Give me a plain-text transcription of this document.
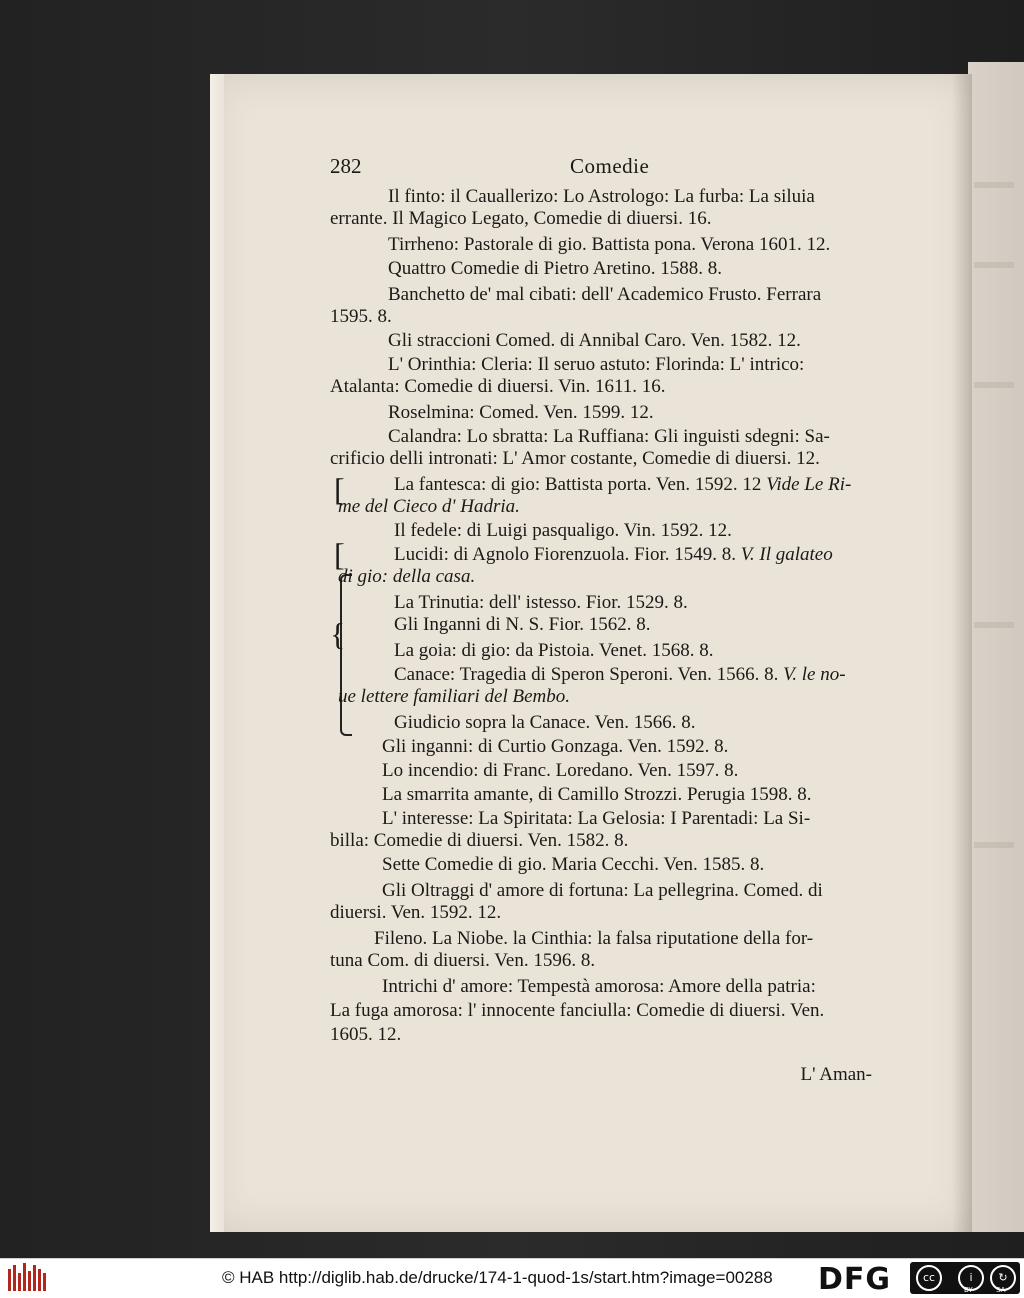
282	Comedie
[
[
{
Il finto: il Cauallerizo: Lo Astrologo: La furba: La siluia
errante. Il Magico Legato, Comedie di diuersi. 16.
Tirrheno: Pastorale di gio. Battista pona. Verona 1601. 12.
Quattro Comedie di Pietro Aretino. 1588. 8.
Banchetto de' mal cibati: dell' Academico Frusto. Ferrara
1595. 8.
Gli straccioni Comed. di Annibal Caro. Ven. 1582. 12.
L' Orinthia: Cleria: Il seruo astuto: Florinda: L' intrico:
Atalanta: Comedie di diuersi. Vin. 1611. 16.
Roselmina: Comed. Ven. 1599. 12.
Calandra: Lo sbratta: La Ruffiana: Gli inguisti sdegni: Sa-
crificio delli intronati: L' Amor costante, Comedie di diuersi. 12.
La fantesca: di gio: Battista porta. Ven. 1592. 12 Vide Le Ri-
me del Cieco d' Hadria.
Il fedele: di Luigi pasqualigo. Vin. 1592. 12.
Lucidi: di Agnolo Fiorenzuola. Fior. 1549. 8. V. Il galateo
di gio: della casa.
La Trinutia: dell' istesso. Fior. 1529. 8.
Gli Inganni di N. S. Fior. 1562. 8.
La goia: di gio: da Pistoia. Venet. 1568. 8.
Canace: Tragedia di Speron Speroni. Ven. 1566. 8. V. le no-
ue lettere familiari del Bembo.
Giudicio sopra la Canace. Ven. 1566. 8.
Gli inganni: di Curtio Gonzaga. Ven. 1592. 8.
Lo incendio: di Franc. Loredano. Ven. 1597. 8.
La smarrita amante, di Camillo Strozzi. Perugia 1598. 8.
L' interesse: La Spiritata: La Gelosia: I Parentadi: La Si-
billa: Comedie di diuersi. Ven. 1582. 8.
Sette Comedie di gio. Maria Cecchi. Ven. 1585. 8.
Gli Oltraggi d' amore di fortuna: La pellegrina. Comed. di
diuersi. Ven. 1592. 12.
Fileno. La Niobe. la Cinthia: la falsa riputatione della for-
tuna Com. di diuersi. Ven. 1596. 8.
Intrichi d' amore: Tempestà amorosa: Amore della patria:
La fuga amorosa: l' innocente fanciulla: Comedie di diuersi. Ven.
1605. 12.
L' Aman-
© HAB http://diglib.hab.de/drucke/174-1-quod-1s/start.htm?image=00288 DFG	cc	i	↻
BY	SA
